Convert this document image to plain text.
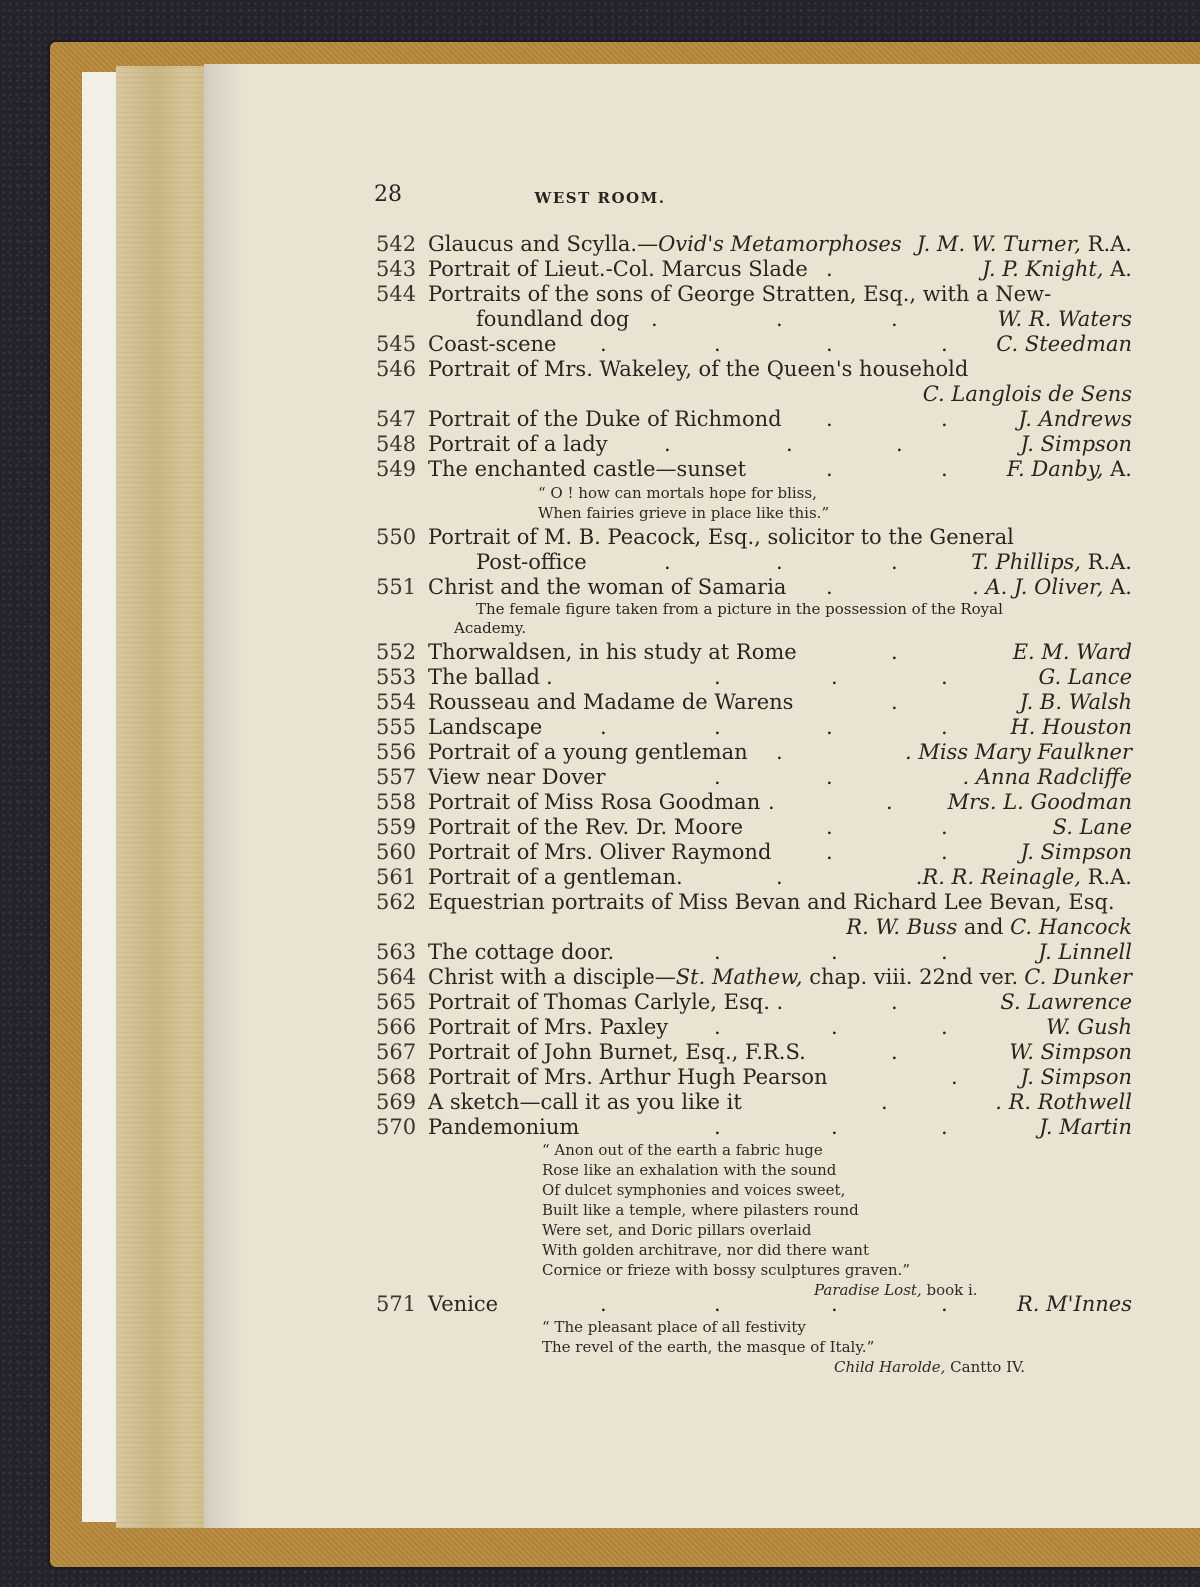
28	WEST ROOM.
542 Glaucus and Scylla.—Ovid's Metamorphoses J. M. W. Turner, R.A.
543 Portrait of Lieut.-Col. Marcus Slade .	J. P. Knight, A.
544 Portraits of the sons of George Stratten, Esq., with a New-
foundland dog .	.	.	W. R. Waters
545 Coast-scene .	.	.	. C. Steedman
546 Portrait of Mrs. Wakeley, of the Queen's household
C. Langlois de Sens
547 Portrait of the Duke of Richmond .	.	J. Andrews
548 Portrait of a lady	.	.	.	J. Simpson
549 The enchanted castle—sunset	.	.	F. Danby, A.

“ O ! how can mortals hope for bliss,

When fairies grieve in place like this.”

550 Portrait of M. B. Peacock, Esq., solicitor to the General
Post-office	.	.	.	T. Phillips, R.A.
551 Christ and the woman of Samaria .	. A. J. Oliver, A.
The female figure taken from a picture in the possession of the Royal
Academy.
552 Thorwaldsen, in his study at Rome	.	E. M. Ward
553 The ballad .	.	.	.	G. Lance
554 Rousseau and Madame de Warens	.	J. B. Walsh
555 Landscape	.	.	.	.	H. Houston
556 Portrait of a young gentleman .	. Miss Mary Faulkner
557 View near Dover	.	.	. Anna Radcliffe
558 Portrait of Miss Rosa Goodman .	.	Mrs. L. Goodman
559 Portrait of the Rev. Dr. Moore	.	.	S. Lane
560 Portrait of Mrs. Oliver Raymond	.	.	J. Simpson
561 Portrait of a gentleman.	.	.R. R. Reinagle, R.A.
562 Equestrian portraits of Miss Bevan and Richard Lee Bevan, Esq.
R. W. Buss and C. Hancock
563 The cottage door.	.	.	.	J. Linnell
564 Christ with a disciple—St. Mathew, chap. viii. 22nd ver. C. Dunker
565 Portrait of Thomas Carlyle, Esq. .	.	S. Lawrence
566 Portrait of Mrs. Paxley .	.	.	W. Gush
567 Portrait of John Burnet, Esq., F.R.S.	.	W. Simpson
568 Portrait of Mrs. Arthur Hugh Pearson	.	J. Simpson
569 A sketch—call it as you like it	.	. R. Rothwell
570 Pandemonium	.	.	.	J. Martin

“ Anon out of the earth a fabric huge

Rose like an exhalation with the sound

Of dulcet symphonies and voices sweet,

Built like a temple, where pilasters round

Were set, and Doric pillars overlaid

With golden architrave, nor did there want

Cornice or frieze with bossy sculptures graven.”

Paradise Lost, book i.

571 Venice	.	.	.	.	R. M'Innes

“ The pleasant place of all festivity

The revel of the earth, the masque of Italy.”

Child Harolde, Cantto IV.
